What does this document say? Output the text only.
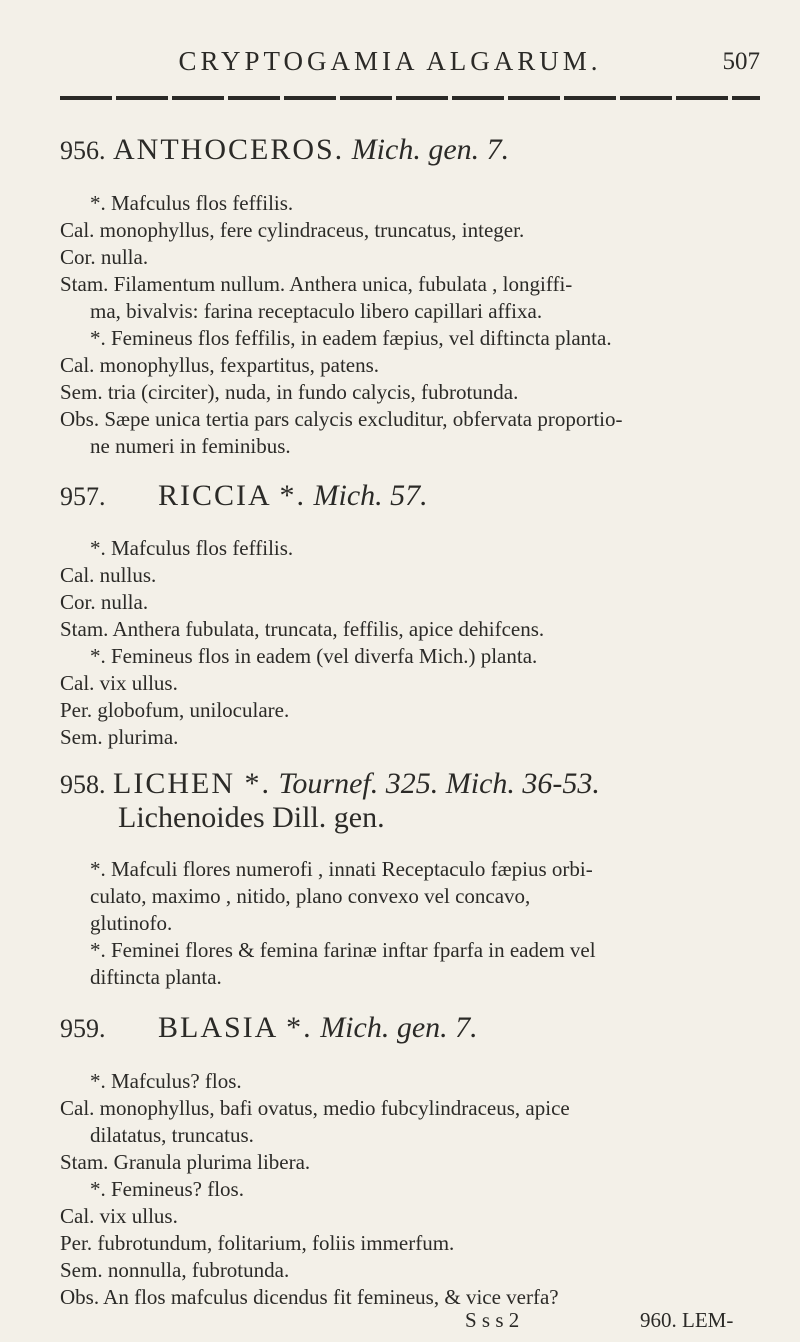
CRYPTOGAMIA ALGARUM.	507
956. ANTHOCEROS. Mich. gen. 7.
*. Mafculus flos feffilis.
Cal. monophyllus, fere cylindraceus, truncatus, integer.
Cor. nulla.
Stam. Filamentum nullum. Anthera unica, fubulata , longiffi-
ma, bivalvis: farina receptaculo libero capillari affixa.
*. Femineus flos feffilis, in eadem fæpius, vel diftincta planta.
Cal. monophyllus, fexpartitus, patens.
Sem. tria (circiter), nuda, in fundo calycis, fubrotunda.
Obs. Sæpe unica tertia pars calycis excluditur, obfervata proportio-
ne numeri in feminibus.
957. RICCIA *. Mich. 57.
*. Mafculus flos feffilis.
Cal. nullus.
Cor. nulla.
Stam. Anthera fubulata, truncata, feffilis, apice dehifcens.
*. Femineus flos in eadem (vel diverfa Mich.) planta.
Cal. vix ullus.
Per. globofum, uniloculare.
Sem. plurima.
958. LICHEN *. Tournef. 325. Mich. 36-53.
Lichenoides Dill. gen.
*. Mafculi flores numerofi , innati Receptaculo fæpius orbi-
culato, maximo , nitido, plano convexo vel concavo,
glutinofo.
*. Feminei flores & femina farinæ inftar fparfa in eadem vel
diftincta planta.
959. BLASIA *. Mich. gen. 7.
*. Mafculus? flos.
Cal. monophyllus, bafi ovatus, medio fubcylindraceus, apice
dilatatus, truncatus.
Stam. Granula plurima libera.
*. Femineus? flos.
Cal. vix ullus.
Per. fubrotundum, folitarium, foliis immerfum.
Sem. nonnulla, fubrotunda.
Obs. An flos mafculus dicendus fit femineus, & vice verfa?
S s s 2	960. LEM-
